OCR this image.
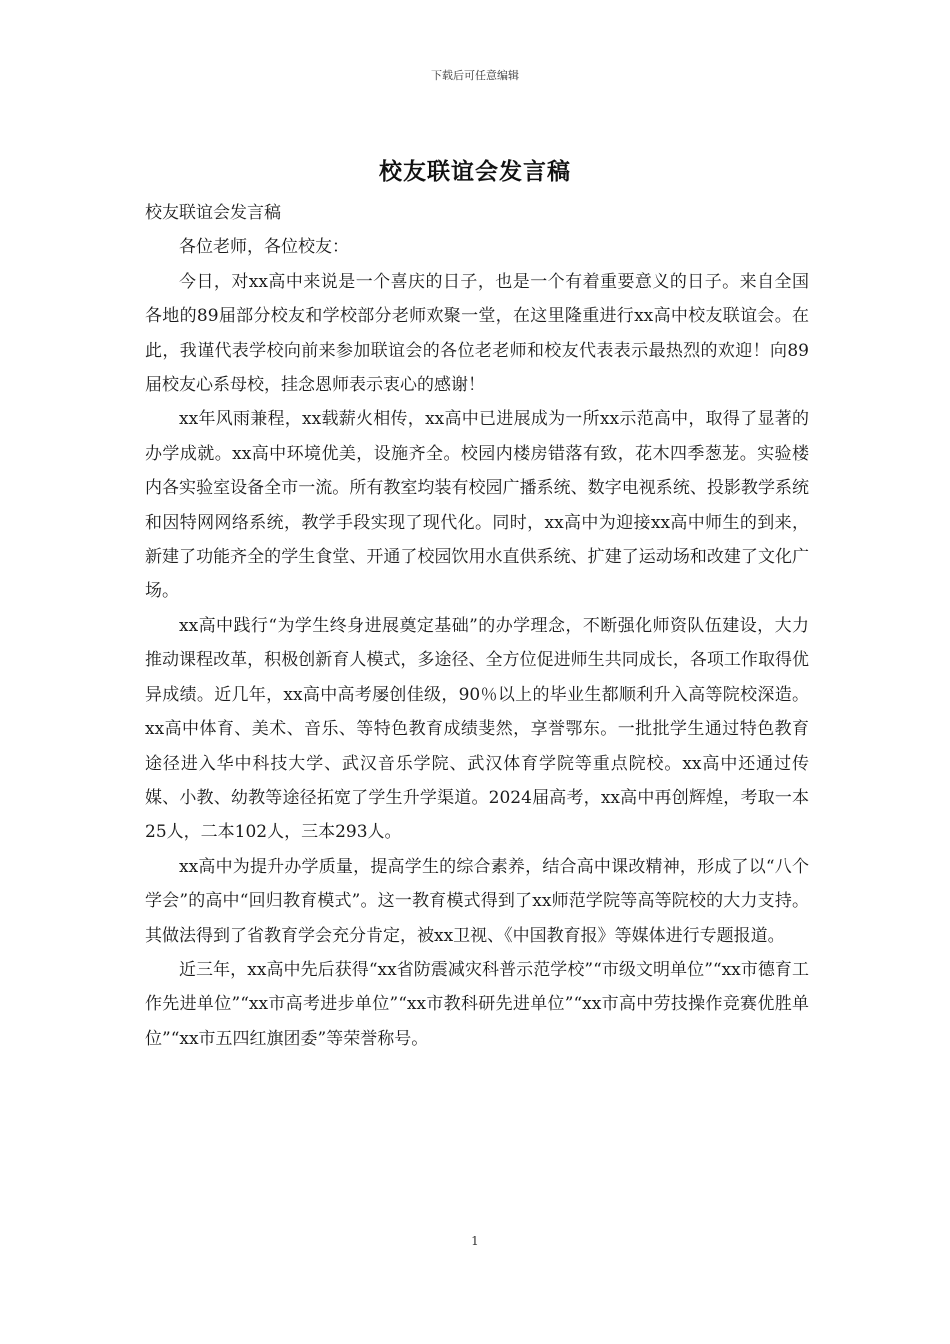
下载后可任意编辑
校友联谊会发言稿

校友联谊会发言稿

各位老师，各位校友：

今日，对xx高中来说是一个喜庆的日子，也是一个有着重要意义的日子。来自全国各地的89届部分校友和学校部分老师欢聚一堂，在这里隆重进行xx高中校友联谊会。在此，我谨代表学校向前来参加联谊会的各位老老师和校友代表表示最热烈的欢迎！向89届校友心系母校，挂念恩师表示衷心的感谢！

xx年风雨兼程，xx载薪火相传，xx高中已进展成为一所xx示范高中，取得了显著的办学成就。xx高中环境优美，设施齐全。校园内楼房错落有致，花木四季葱茏。实验楼内各实验室设备全市一流。所有教室均装有校园广播系统、数字电视系统、投影教学系统和因特网网络系统，教学手段实现了现代化。同时，xx高中为迎接xx高中师生的到来，新建了功能齐全的学生食堂、开通了校园饮用水直供系统、扩建了运动场和改建了文化广场。

xx高中践行“为学生终身进展奠定基础”的办学理念，不断强化师资队伍建设，大力推动课程改革，积极创新育人模式，多途径、全方位促进师生共同成长，各项工作取得优异成绩。近几年，xx高中高考屡创佳级，90％以上的毕业生都顺利升入高等院校深造。xx高中体育、美术、音乐、等特色教育成绩斐然，享誉鄂东。一批批学生通过特色教育途径进入华中科技大学、武汉音乐学院、武汉体育学院等重点院校。xx高中还通过传媒、小教、幼教等途径拓宽了学生升学渠道。2024届高考，xx高中再创辉煌，考取一本25人，二本102人，三本293人。

xx高中为提升办学质量，提高学生的综合素养，结合高中课改精神，形成了以“八个学会”的高中“回归教育模式”。这一教育模式得到了xx师范学院等高等院校的大力支持。其做法得到了省教育学会充分肯定，被xx卫视、《中国教育报》等媒体进行专题报道。

近三年，xx高中先后获得“xx省防震减灾科普示范学校”“市级文明单位”“xx市德育工作先进单位”“xx市高考进步单位”“xx市教科研先进单位”“xx市高中劳技操作竞赛优胜单位”“xx市五四红旗团委”等荣誉称号。

1
